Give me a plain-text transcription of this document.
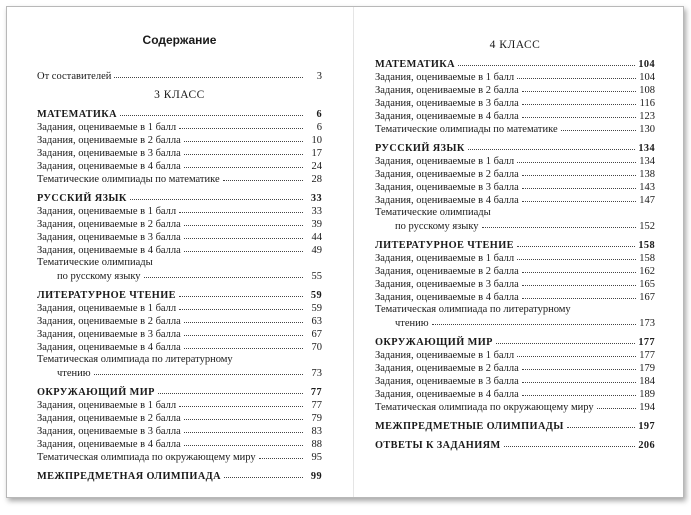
Содержание
От составителей	3
3 КЛАСС
МАТЕМАТИКА	6
Задания, оцениваемые в 1 балл	6
Задания, оцениваемые в 2 балла	10
Задания, оцениваемые в 3 балла	17
Задания, оцениваемые в 4 балла	24
Тематические олимпиады по математике	28
РУССКИЙ ЯЗЫК	33
Задания, оцениваемые в 1 балл	33
Задания, оцениваемые в 2 балла	39
Задания, оцениваемые в 3 балла	44
Задания, оцениваемые в 4 балла	49
Тематические олимпиады
по русскому языку	55
ЛИТЕРАТУРНОЕ ЧТЕНИЕ	59
Задания, оцениваемые в 1 балл	59
Задания, оцениваемые в 2 балла	63
Задания, оцениваемые в 3 балла	67
Задания, оцениваемые в 4 балла	70
Тематическая олимпиада по литературному
чтению	73
ОКРУЖАЮЩИЙ МИР	77
Задания, оцениваемые в 1 балл	77
Задания, оцениваемые в 2 балла	79
Задания, оцениваемые в 3 балла	83
Задания, оцениваемые в 4 балла	88
Тематическая олимпиада по окружающему миру	95
МЕЖПРЕДМЕТНАЯ ОЛИМПИАДА	99
4 КЛАСС
МАТЕМАТИКА	104
Задания, оцениваемые в 1 балл	104
Задания, оцениваемые в 2 балла	108
Задания, оцениваемые в 3 балла	116
Задания, оцениваемые в 4 балла	123
Тематические олимпиады по математике	130
РУССКИЙ ЯЗЫК	134
Задания, оцениваемые в 1 балл	134
Задания, оцениваемые в 2 балла	138
Задания, оцениваемые в 3 балла	143
Задания, оцениваемые в 4 балла	147
Тематические олимпиады
по русскому языку	152
ЛИТЕРАТУРНОЕ ЧТЕНИЕ	158
Задания, оцениваемые в 1 балл	158
Задания, оцениваемые в 2 балла	162
Задания, оцениваемые в 3 балла	165
Задания, оцениваемые в 4 балла	167
Тематическая олимпиада по литературному
чтению	173
ОКРУЖАЮЩИЙ МИР	177
Задания, оцениваемые в 1 балл	177
Задания, оцениваемые в 2 балла	179
Задания, оцениваемые в 3 балла	184
Задания, оцениваемые в 4 балла	189
Тематическая олимпиада по окружающему миру	194
МЕЖПРЕДМЕТНЫЕ ОЛИМПИАДЫ	197
ОТВЕТЫ К ЗАДАНИЯМ	206
